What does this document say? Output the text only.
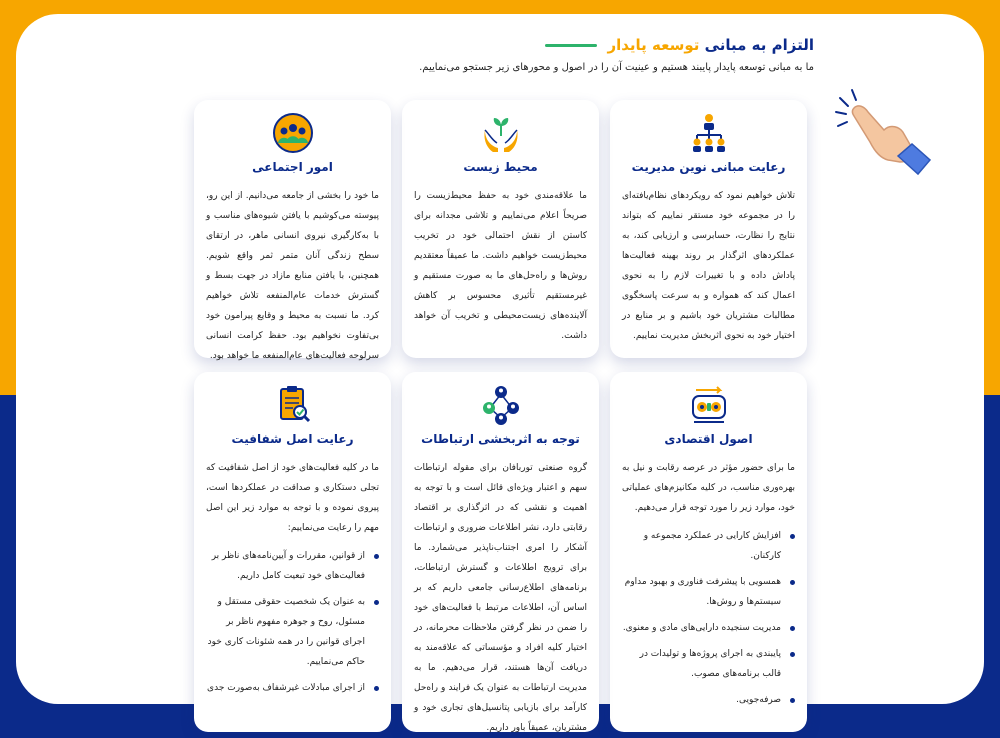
التزام به مبانی توسعه پایدار
ما به مبانی توسعه پایدار پایبند هستیم و عینیت آن را در اصول و محورهای زیر جستجو می‌نماییم.
رعایت مبانی نوین مدیریت
تلاش خواهیم نمود که رویکردهای نظام‌یافته‌ای را در مجموعه خود مستقر نماییم که بتواند نتایج را نظارت، حسابرسی و ارزیابی کند، به عملکردهای اثرگذار بر روند بهینه فعالیت‌ها پاداش داده و با تغییرات لازم را به نحوی اعمال کند که همواره و به سرعت پاسخگوی مطالبات مشتریان خود باشیم و بر منابع در اختیار خود به نحوی اثربخش مدیریت نماییم.
محیط زیست
ما علاقه‌مندی خود به حفظ محیط‌زیست را صریحاً اعلام می‌نماییم و تلاشی مجدانه برای کاستن از نقش احتمالی خود در تخریب محیط‌زیست خواهیم داشت. ما عمیقاً معتقدیم روش‌ها و راه‌حل‌های ما به صورت مستقیم و غیرمستقیم تأثیری محسوس بر کاهش آلاینده‌های زیست‌محیطی و تخریب آن خواهد داشت.
امور اجتماعی
ما خود را بخشی از جامعه می‌دانیم. از این رو، پیوسته می‌کوشیم با یافتن شیوه‌های مناسب و با به‌کارگیری نیروی انسانی ماهر، در ارتقای سطح زندگی آنان متمر ثمر واقع شویم. همچنین، با یافتن منابع مازاد در جهت بسط و گسترش خدمات عام‌المنفعه تلاش خواهیم کرد. ما نسبت به محیط و وقایع پیرامون خود بی‌تفاوت نخواهیم بود. حفظ کرامت انسانی سرلوحه فعالیت‌های عام‌المنفعه ما خواهد بود.
اصول اقتصادی
ما برای حضور مؤثر در عرصه رقابت و نیل به بهره‌وری مناسب، در کلیه مکانیزم‌های عملیاتی خود، موارد زیر را مورد توجه قرار می‌دهیم.
افزایش کارایی در عملکرد مجموعه و کارکنان.
همسویی با پیشرفت فناوری و بهبود مداوم سیستم‌ها و روش‌ها.
مدیریت سنجیده دارایی‌های مادی و معنوی.
پایبندی به اجرای پروژه‌ها و تولیدات در قالب برنامه‌های مصوب.
صرفه‌جویی.
توجه به اثربخشی ارتباطات
گروه صنعتی توربافان برای مقوله ارتباطات سهم و اعتبار ویژه‌ای قائل است و با توجه به اهمیت و نقشی که در اثرگذاری بر اقتصاد رقابتی دارد، نشر اطلاعات ضروری و ارتباطات آشکار را امری اجتناب‌ناپذیر می‌شمارد. ما برای ترویج اطلاعات و گسترش ارتباطات، برنامه‌های اطلاع‌رسانی جامعی داریم که بر اساس آن، اطلاعات مرتبط با فعالیت‌های خود را ضمن در نظر گرفتن ملاحظات محرمانه، در اختیار کلیه افراد و مؤسساتی که علاقه‌مند به دریافت آن‌ها هستند، قرار می‌دهیم. ما به مدیریت ارتباطات به عنوان یک فرایند و راه‌حل کارآمد برای بازیابی پتانسیل‌های تجاری خود و مشتریان، عمیقاً باور داریم.
رعایت اصل شفافیت
ما در کلیه فعالیت‌های خود از اصل شفافیت که تجلی دستکاری و صداقت در عملکردها است، پیروی نموده و با توجه به موارد زیر این اصل مهم را رعایت می‌نماییم:
از قوانین، مقررات و آیین‌نامه‌های ناظر بر فعالیت‌های خود تبعیت کامل داریم.
به عنوان یک شخصیت حقوقی مستقل و مسئول، روح و جوهره مفهوم ناظر بر اجرای قوانین را در همه شئونات کاری خود حاکم می‌نماییم.
از اجرای مبادلات غیرشفاف به‌صورت جدی
